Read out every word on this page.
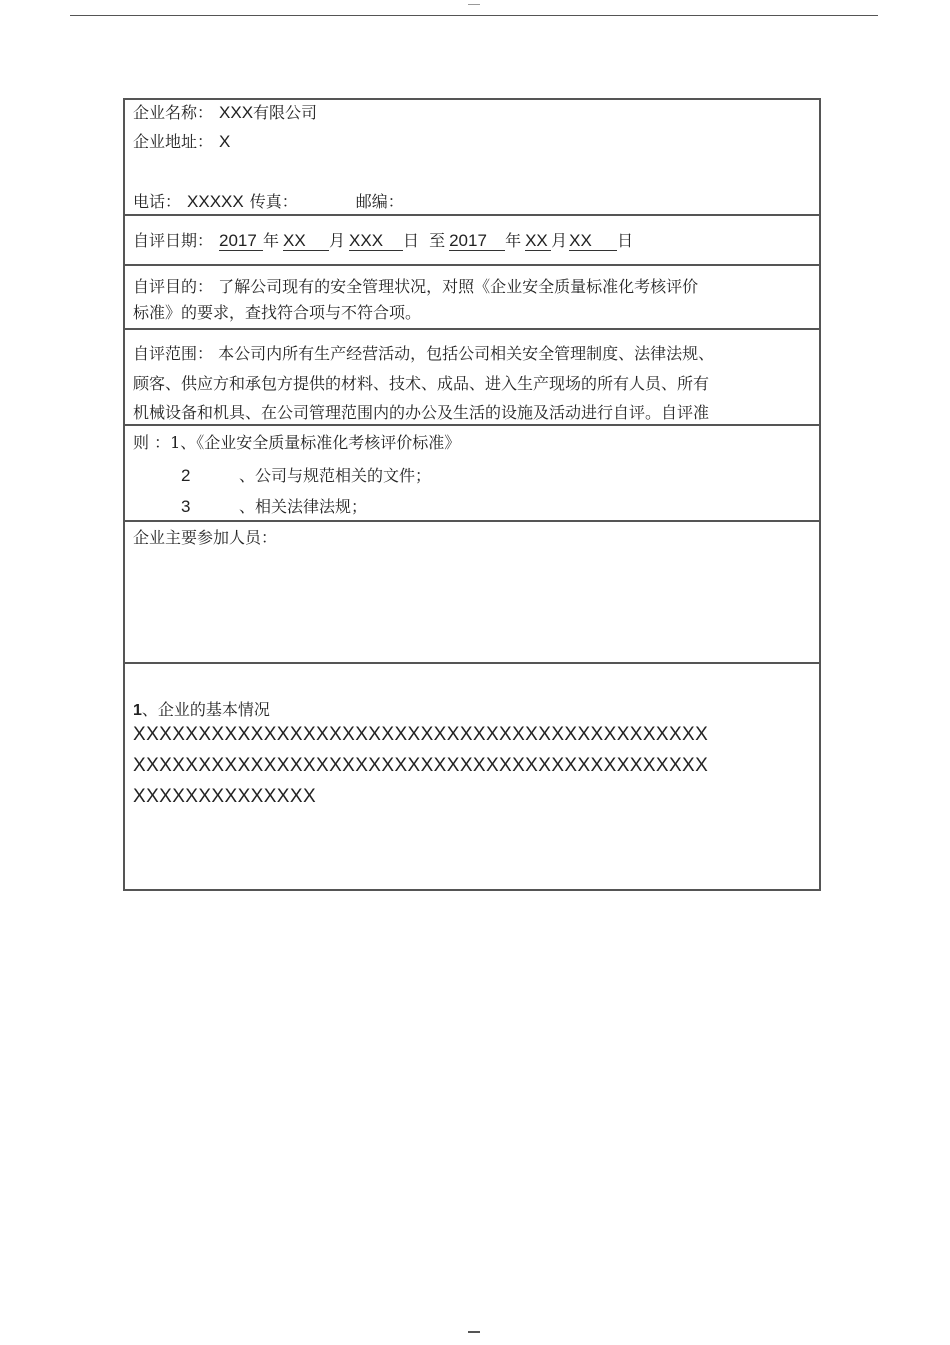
企业名称： XXX有限公司
企业地址： X
电话： XXXXX 传真：	邮编：
自评日期： 2017 年 XX 月 XXX 日 至 2017 年 XX 月 XX 日
自评目的： 了解公司现有的安全管理状况，对照《企业安全质量标准化考核评价
标准》的要求，查找符合项与不符合项。
自评范围： 本公司内所有生产经营活动，包括公司相关安全管理制度、法律法规、
顾客、供应方和承包方提供的材料、技术、成品、进入生产现场的所有人员、所有
机械设备和机具、在公司管理范围内的办公及生活的设施及活动进行自评。自评准
则 ：1、《企业安全质量标准化考核评价标准》
2	、公司与规范相关的文件；
3	、相关法律法规；
企业主要参加人员：
1、企业的基本情况
XXXXXXXXXXXXXXXXXXXXXXXXXXXXXXXXXXXXXXXXXXXX
XXXXXXXXXXXXXXXXXXXXXXXXXXXXXXXXXXXXXXXXXXXX
XXXXXXXXXXXXXX
